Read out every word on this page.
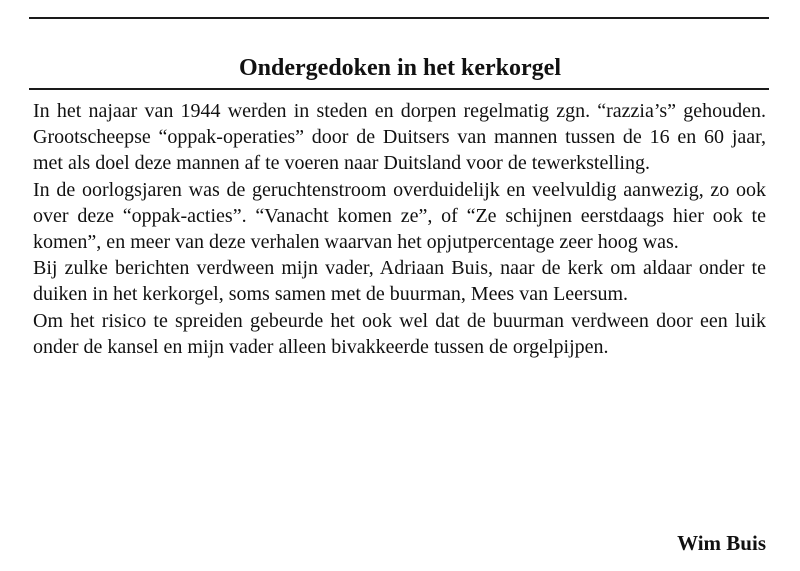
Ondergedoken in het kerkorgel

In het najaar van 1944 werden in steden en dorpen regelmatig zgn. “razzia’s” gehouden. Grootscheepse “oppak-operaties” door de Duitsers van mannen tussen de 16 en 60 jaar, met als doel deze mannen af te voeren naar Duitsland voor de tewerkstelling.

In de oorlogsjaren was de geruchtenstroom overduidelijk en veelvuldig aanwezig, zo ook over deze “oppak-acties”. “Vanacht komen ze”, of “Ze schijnen eerstdaags hier ook te komen”, en meer van deze verhalen waarvan het opjutpercentage zeer hoog was.

Bij zulke berichten verdween mijn vader, Adriaan Buis, naar de kerk om aldaar onder te duiken in het kerkorgel, soms samen met de buurman, Mees van Leersum.

Om het risico te spreiden gebeurde het ook wel dat de buurman verdween door een luik onder de kansel en mijn vader alleen bivakkeerde tussen de orgelpijpen.

Wim Buis
